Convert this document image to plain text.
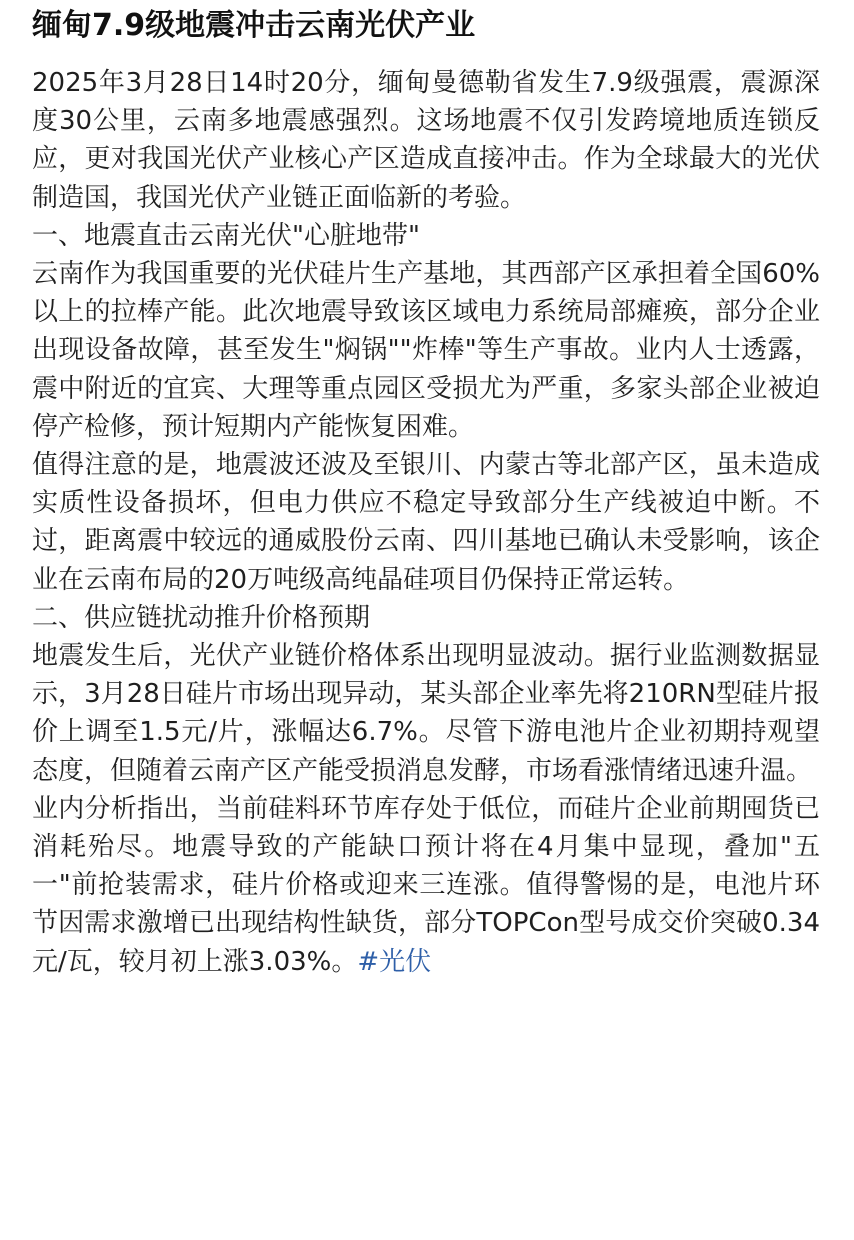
缅甸7.9级地震冲击云南光伏产业

2025年3月28日14时20分，缅甸曼德勒省发生7.9级强震，震源深度30公里，云南多地震感强烈。这场地震不仅引发跨境地质连锁反应，更对我国光伏产业核心产区造成直接冲击。作为全球最大的光伏制造国，我国光伏产业链正面临新的考验。

一、地震直击云南光伏"心脏地带"

云南作为我国重要的光伏硅片生产基地，其西部产区承担着全国60%以上的拉棒产能。此次地震导致该区域电力系统局部瘫痪，部分企业出现设备故障，甚至发生"焖锅""炸棒"等生产事故。业内人士透露，震中附近的宜宾、大理等重点园区受损尤为严重，多家头部企业被迫停产检修，预计短期内产能恢复困难。

值得注意的是，地震波还波及至银川、内蒙古等北部产区，虽未造成实质性设备损坏，但电力供应不稳定导致部分生产线被迫中断。不过，距离震中较远的通威股份云南、四川基地已确认未受影响，该企业在云南布局的20万吨级高纯晶硅项目仍保持正常运转。

二、供应链扰动推升价格预期

地震发生后，光伏产业链价格体系出现明显波动。据行业监测数据显示，3月28日硅片市场出现异动，某头部企业率先将210RN型硅片报价上调至1.5元/片，涨幅达6.7%。尽管下游电池片企业初期持观望态度，但随着云南产区产能受损消息发酵，市场看涨情绪迅速升温。

业内分析指出，当前硅料环节库存处于低位，而硅片企业前期囤货已消耗殆尽。地震导致的产能缺口预计将在4月集中显现，叠加"五一"前抢装需求，硅片价格或迎来三连涨。值得警惕的是，电池片环节因需求激增已出现结构性缺货，部分TOPCon型号成交价突破0.34元/瓦，较月初上涨3.03%。#光伏
